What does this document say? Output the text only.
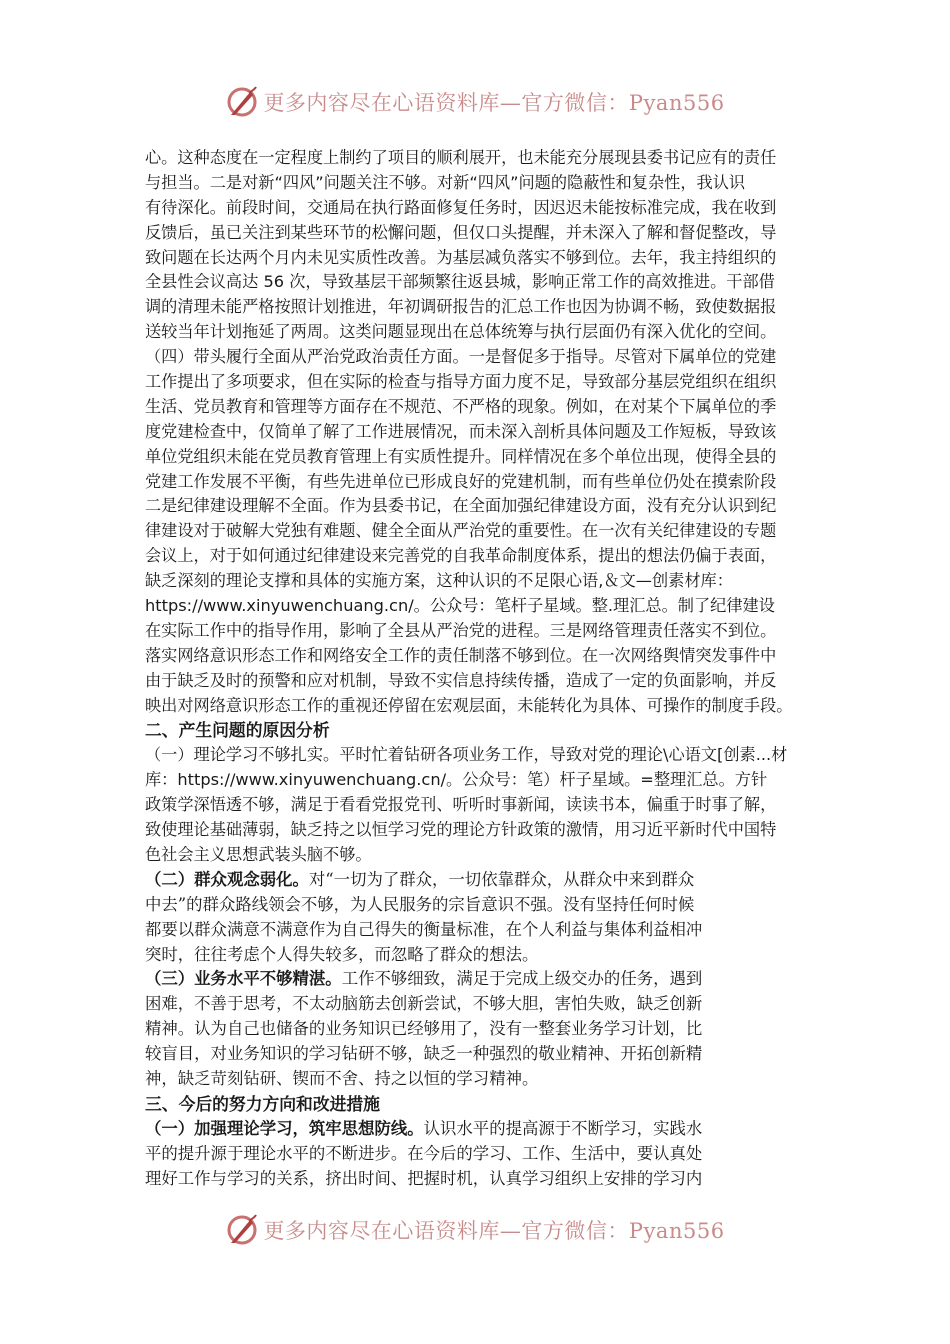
更多内容尽在心语资料库—官方微信：Pyan556
心。这种态度在一定程度上制约了项目的顺利展开，也未能充分展现县委书记应有的责任
与担当。二是对新“四风”问题关注不够。对新“四风”问题的隐蔽性和复杂性，我认识
有待深化。前段时间，交通局在执行路面修复任务时，因迟迟未能按标准完成，我在收到
反馈后，虽已关注到某些环节的松懈问题，但仅口头提醒，并未深入了解和督促整改，导
致问题在长达两个月内未见实质性改善。为基层减负落实不够到位。去年，我主持组织的
全县性会议高达 56 次，导致基层干部频繁往返县城，影响正常工作的高效推进。干部借
调的清理未能严格按照计划推进，年初调研报告的汇总工作也因为协调不畅，致使数据报
送较当年计划拖延了两周。这类问题显现出在总体统筹与执行层面仍有深入优化的空间。
（四）带头履行全面从严治党政治责任方面。一是督促多于指导。尽管对下属单位的党建
工作提出了多项要求，但在实际的检查与指导方面力度不足，导致部分基层党组织在组织
生活、党员教育和管理等方面存在不规范、不严格的现象。例如，在对某个下属单位的季
度党建检查中，仅简单了解了工作进展情况，而未深入剖析具体问题及工作短板，导致该
单位党组织未能在党员教育管理上有实质性提升。同样情况在多个单位出现，使得全县的
党建工作发展不平衡，有些先进单位已形成良好的党建机制，而有些单位仍处在摸索阶段
二是纪律建设理解不全面。作为县委书记，在全面加强纪律建设方面，没有充分认识到纪
律建设对于破解大党独有难题、健全全面从严治党的重要性。在一次有关纪律建设的专题
会议上，对于如何通过纪律建设来完善党的自我革命制度体系，提出的想法仍偏于表面，
缺乏深刻的理论支撑和具体的实施方案，这种认识的不足限心语,＆文—创素材库：
https://www.xinyuwenchuang.cn/。公众号：笔杆子星域。整.理汇总。制了纪律建设
在实际工作中的指导作用，影响了全县从严治党的进程。三是网络管理责任落实不到位。
落实网络意识形态工作和网络安全工作的责任制落不够到位。在一次网络舆情突发事件中
由于缺乏及时的预警和应对机制，导致不实信息持续传播，造成了一定的负面影响，并反
映出对网络意识形态工作的重视还停留在宏观层面，未能转化为具体、可操作的制度手段。
二、产生问题的原因分析
（一）理论学习不够扎实。平时忙着钻研各项业务工作，导致对党的理论\心语文[创素...材
库：https://www.xinyuwenchuang.cn/。公众号：笔）杆子星域。=整理汇总。方针
政策学深悟透不够，满足于看看党报党刊、听听时事新闻，读读书本，偏重于时事了解，
致使理论基础薄弱，缺乏持之以恒学习党的理论方针政策的激情，用习近平新时代中国特
色社会主义思想武装头脑不够。
（二）群众观念弱化。对“一切为了群众，一切依靠群众，从群众中来到群众
中去”的群众路线领会不够，为人民服务的宗旨意识不强。没有坚持任何时候
都要以群众满意不满意作为自己得失的衡量标准，在个人利益与集体利益相冲
突时，往往考虑个人得失较多，而忽略了群众的想法。
（三）业务水平不够精湛。工作不够细致，满足于完成上级交办的任务，遇到
困难，不善于思考，不太动脑筋去创新尝试，不够大胆，害怕失败，缺乏创新
精神。认为自己也储备的业务知识已经够用了，没有一整套业务学习计划，比
较盲目，对业务知识的学习钻研不够，缺乏一种强烈的敬业精神、开拓创新精
神，缺乏苛刻钻研、锲而不舍、持之以恒的学习精神。
三、今后的努力方向和改进措施
（一）加强理论学习，筑牢思想防线。认识水平的提高源于不断学习，实践水
平的提升源于理论水平的不断进步。在今后的学习、工作、生活中，要认真处
理好工作与学习的关系，挤出时间、把握时机，认真学习组织上安排的学习内
更多内容尽在心语资料库—官方微信：Pyan556
